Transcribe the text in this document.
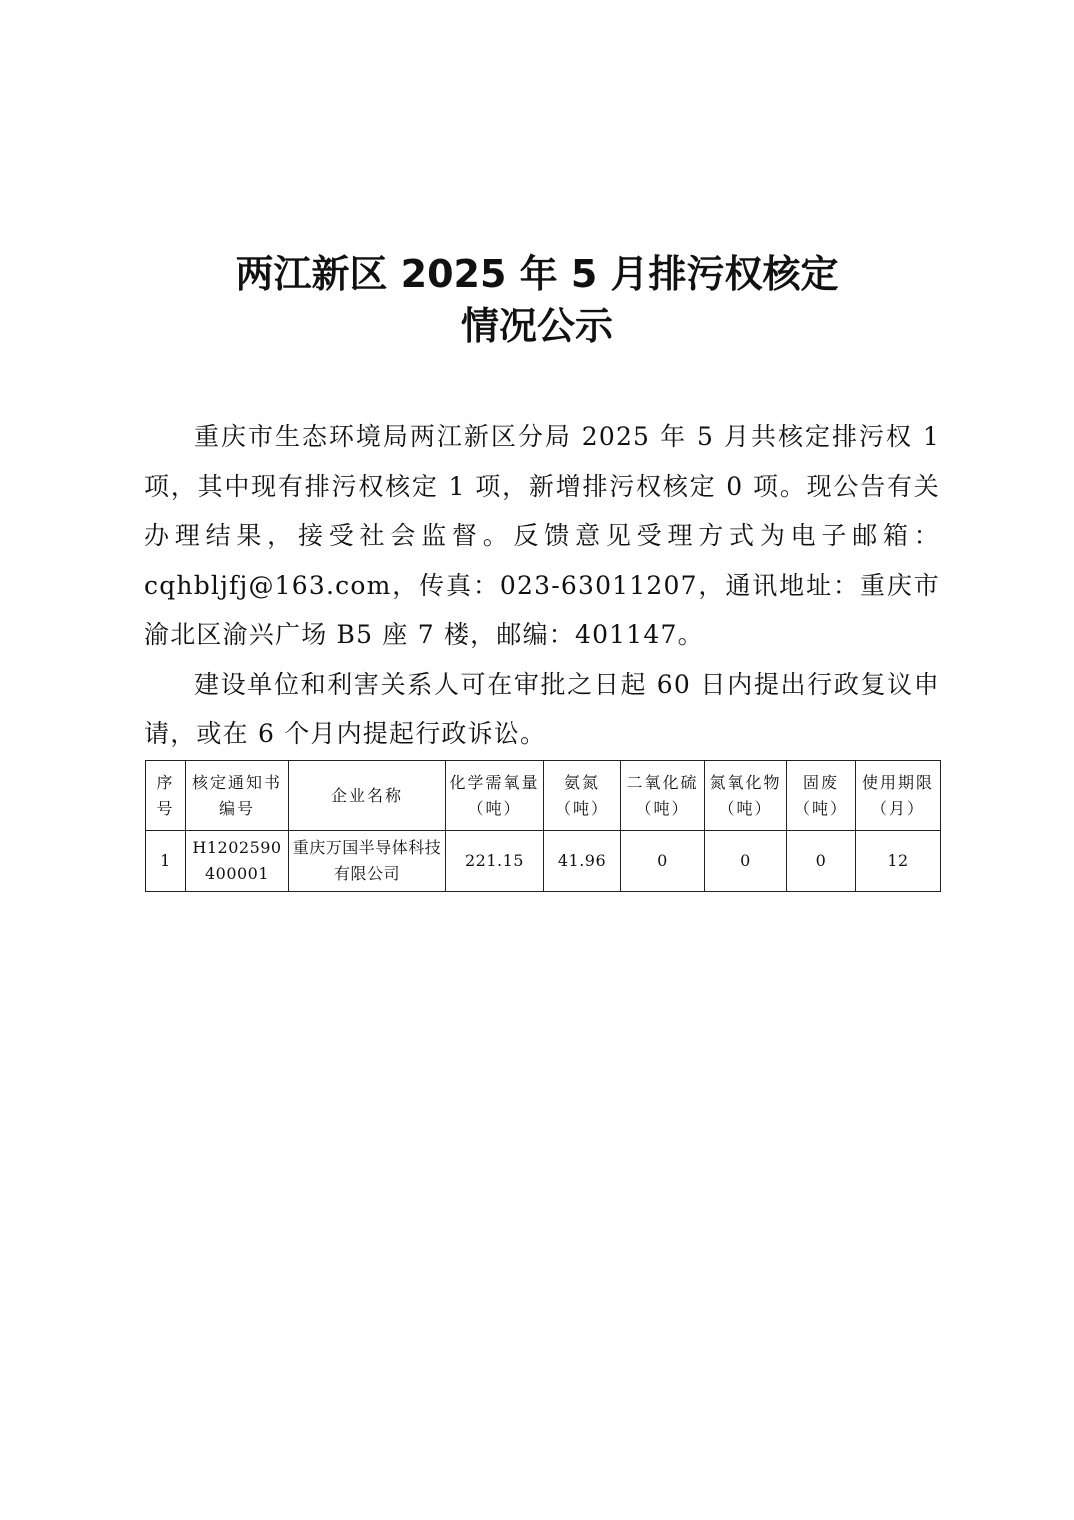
两江新区 2025 年 5 月排污权核定
情况公示

重庆市生态环境局两江新区分局 2025 年 5 月共核定排污权 1 项，其中现有排污权核定 1 项，新增排污权核定 0 项。现公告有关办理结果，接受社会监督。反馈意见受理方式为电子邮箱：cqhbljfj@163.com，传真：023-63011207，通讯地址：重庆市渝北区渝兴广场 B5 座 7 楼，邮编：401147。

建设单位和利害关系人可在审批之日起 60 日内提出行政复议申请，或在 6 个月内提起行政诉讼。

序号	核定通知书编号	企业名称	化学需氧量（吨）	氨氮（吨）	二氧化硫（吨）	氮氧化物（吨）	固废（吨）	使用期限（月）
1	H1202590400001	重庆万国半导体科技有限公司	221.15	41.96	0	0	0	12
